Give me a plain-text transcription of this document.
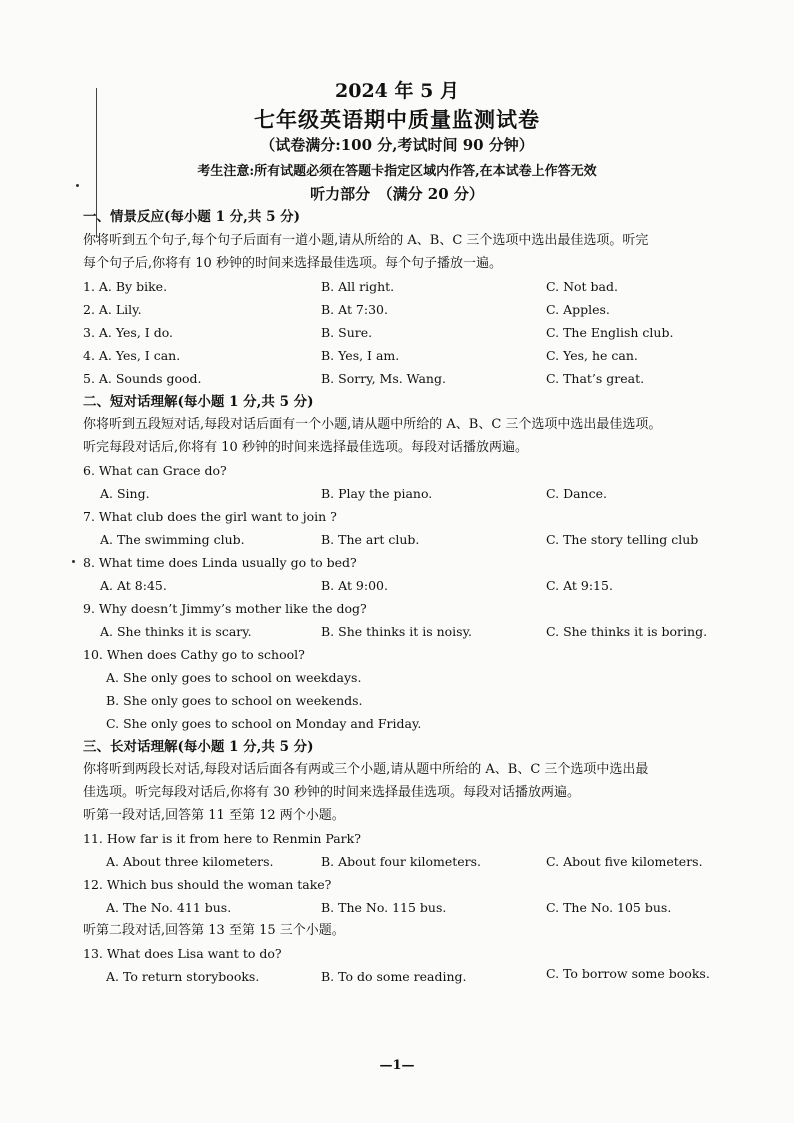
2024 年 5 月
七年级英语期中质量监测试卷
（试卷满分:100 分,考试时间 90 分钟）
考生注意:所有试题必须在答题卡指定区域内作答,在本试卷上作答无效
听力部分　（满分 20 分）
一、情景反应(每小题 1 分,共 5 分)
你将听到五个句子,每个句子后面有一道小题,请从所给的 A、B、C 三个选项中选出最佳选项。听完
每个句子后,你将有 10 秒钟的时间来选择最佳选项。每个句子播放一遍。
1. A. By bike.	B. All right.	C. Not bad.
2. A. Lily.	B. At 7:30.	C. Apples.
3. A. Yes, I do.	B. Sure.	C. The English club.
4. A. Yes, I can.	B. Yes, I am.	C. Yes, he can.
5. A. Sounds good.	B. Sorry, Ms. Wang.	C. That’s great.
二、短对话理解(每小题 1 分,共 5 分)
你将听到五段短对话,每段对话后面有一个小题,请从题中所给的 A、B、C 三个选项中选出最佳选项。
听完每段对话后,你将有 10 秒钟的时间来选择最佳选项。每段对话播放两遍。
6. What can Grace do?
A. Sing.	B. Play the piano.	C. Dance.
7. What club does the girl want to join ?
A. The swimming club.	B. The art club.	C. The story telling club
8. What time does Linda usually go to bed?
A. At 8:45.	B. At 9:00.	C. At 9:15.
9. Why doesn’t Jimmy’s mother like the dog?
A. She thinks it is scary.	B. She thinks it is noisy.	C. She thinks it is boring.
10. When does Cathy go to school?
A. She only goes to school on weekdays.
B. She only goes to school on weekends.
C. She only goes to school on Monday and Friday.
三、长对话理解(每小题 1 分,共 5 分)
你将听到两段长对话,每段对话后面各有两或三个小题,请从题中所给的 A、B、C 三个选项中选出最
佳选项。听完每段对话后,你将有 30 秒钟的时间来选择最佳选项。每段对话播放两遍。
听第一段对话,回答第 11 至第 12 两个小题。
11. How far is it from here to Renmin Park?
A. About three kilometers.	B. About four kilometers.	C. About five kilometers.
12. Which bus should the woman take?
A. The No. 411 bus.	B. The No. 115 bus.	C. The No. 105 bus.
听第二段对话,回答第 13 至第 15 三个小题。
13. What does Lisa want to do?
A. To return storybooks.	B. To do some reading.	C. To borrow some books.
—1—
